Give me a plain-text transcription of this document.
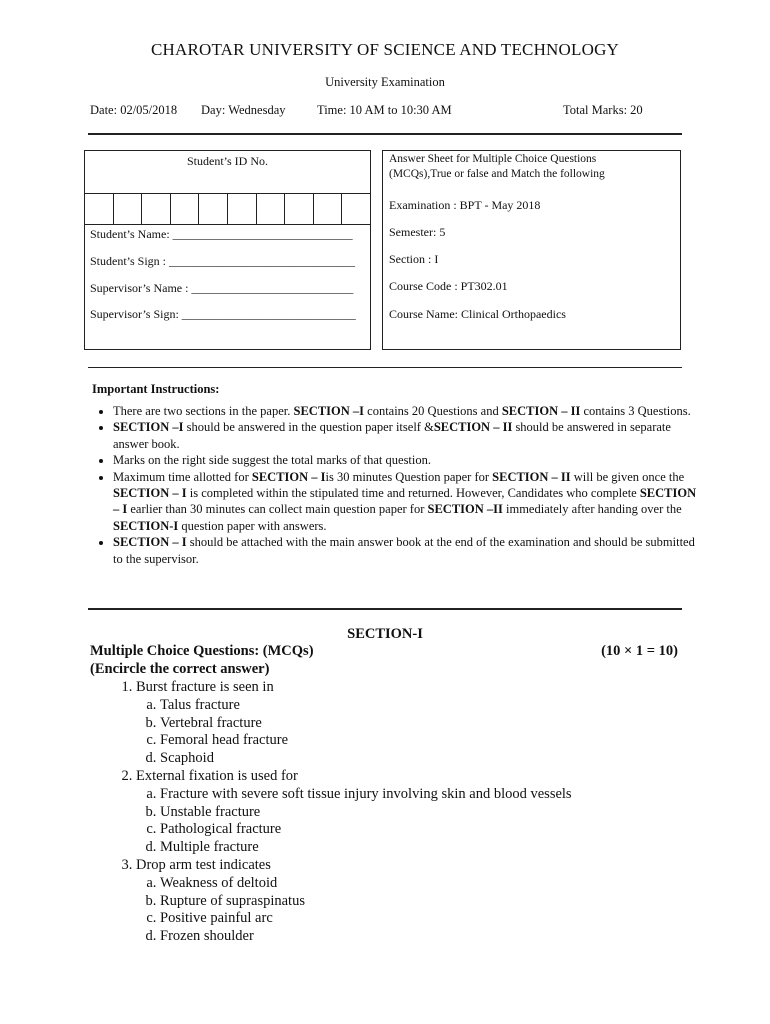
CHAROTAR UNIVERSITY OF SCIENCE AND TECHNOLOGY
University Examination
Date: 02/05/2018 Day: Wednesday	Time: 10 AM to 10:30 AM	Total Marks: 20
Student’s ID No.
Student’s Name: ______________________________
Student’s Sign : _______________________________
Supervisor’s Name : ___________________________
Supervisor’s Sign: _____________________________
Answer Sheet for Multiple Choice Questions
(MCQs),True or false and Match the following
Examination : BPT - May 2018
Semester: 5
Section : I
Course Code : PT302.01
Course Name: Clinical Orthopaedics
Important Instructions:
• There are two sections in the paper. SECTION –I contains 20 Questions and SECTION – II contains 3 Questions.
• SECTION –I should be answered in the question paper itself &SECTION – II should be answered in separate answer book.
• Marks on the right side suggest the total marks of that question.
• Maximum time allotted for SECTION – Iis 30 minutes Question paper for SECTION – II will be given once the SECTION – I is completed within the stipulated time and returned. However, Candidates who complete SECTION – I earlier than 30 minutes can collect main question paper for SECTION –II immediately after handing over the SECTION-I question paper with answers.
• SECTION – I should be attached with the main answer book at the end of the examination and should be submitted to the supervisor.
SECTION-I
Multiple Choice Questions: (MCQs)	(10 × 1 = 10)
(Encircle the correct answer)
1. Burst fracture is seen in
a. Talus fracture
b. Vertebral fracture
c. Femoral head fracture
d. Scaphoid
2. External fixation is used for
a. Fracture with severe soft tissue injury involving skin and blood vessels
b. Unstable fracture
c. Pathological fracture
d. Multiple fracture
3. Drop arm test indicates
a. Weakness of deltoid
b. Rupture of supraspinatus
c. Positive painful arc
d. Frozen shoulder
